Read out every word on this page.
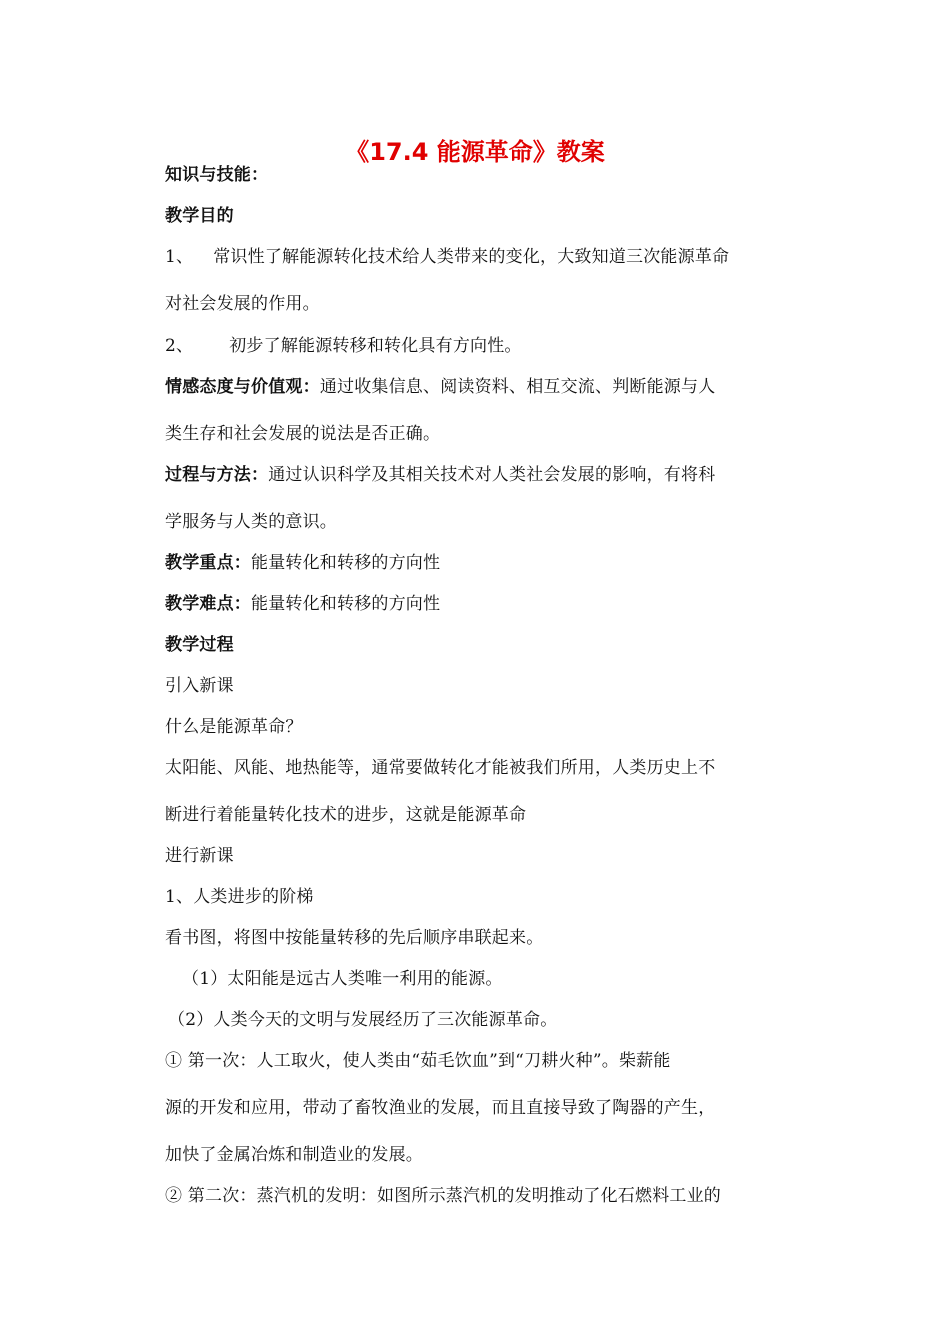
《17.4 能源革命》教案
知识与技能：
教学目的
1、 常识性了解能源转化技术给人类带来的变化，大致知道三次能源革命
对社会发展的作用。
2、 初步了解能源转移和转化具有方向性。
情感态度与价值观：通过收集信息、阅读资料、相互交流、判断能源与人
类生存和社会发展的说法是否正确。
过程与方法：通过认识科学及其相关技术对人类社会发展的影响，有将科
学服务与人类的意识。
教学重点：能量转化和转移的方向性
教学难点：能量转化和转移的方向性
教学过程
引入新课
什么是能源革命？
太阳能、风能、地热能等，通常要做转化才能被我们所用，人类历史上不
断进行着能量转化技术的进步，这就是能源革命
进行新课
1、人类进步的阶梯
看书图，将图中按能量转移的先后顺序串联起来。
（1）太阳能是远古人类唯一利用的能源。
（2）人类今天的文明与发展经历了三次能源革命。
① 第一次：人工取火，使人类由“茹毛饮血”到“刀耕火种”。柴薪能
源的开发和应用，带动了畜牧渔业的发展，而且直接导致了陶器的产生，
加快了金属冶炼和制造业的发展。
② 第二次：蒸汽机的发明：如图所示蒸汽机的发明推动了化石燃料工业的
